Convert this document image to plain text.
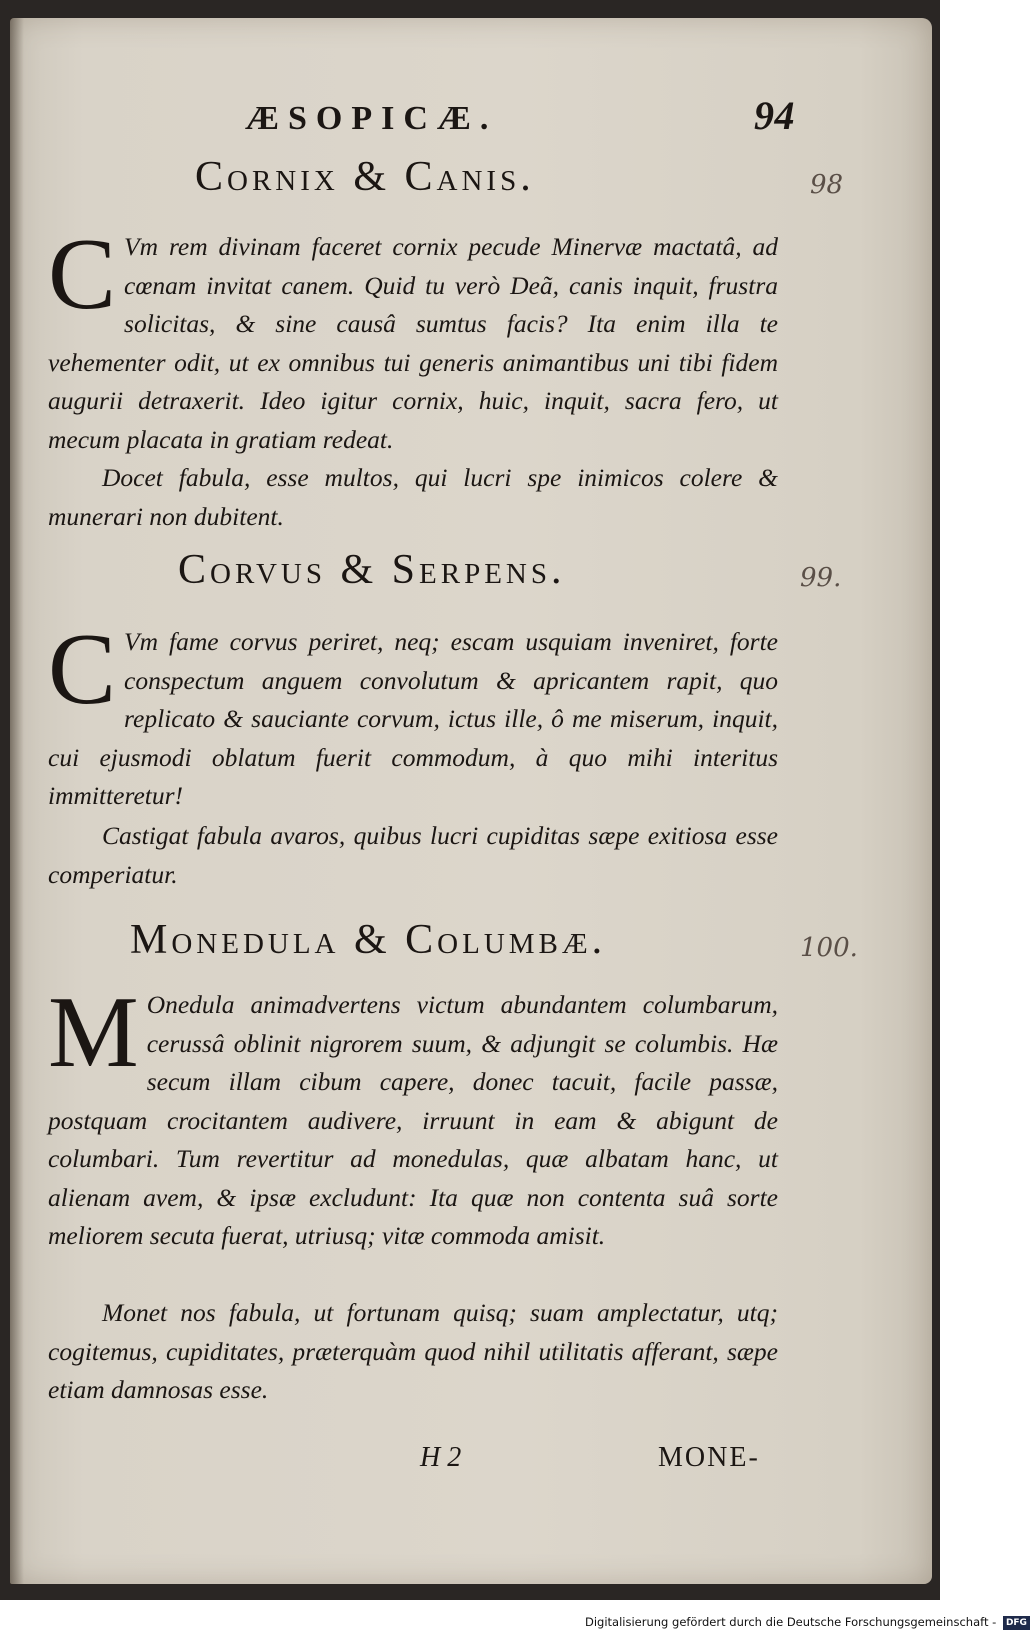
ÆSOPICÆ.	94
Cornix & Canis.	98
C Vm rem divinam faceret cornix pecude Minervæ mactatâ, ad cœnam invitat canem. Quid tu verò Deã, canis inquit, frustra solicitas, & sine causâ sumtus facis? Ita enim illa te vehementer odit, ut ex omnibus tui generis animantibus uni tibi fidem augurii detraxerit. Ideo igitur cornix, huic, inquit, sacra fero, ut mecum placata in gratiam redeat.
Docet fabula, esse multos, qui lucri spe inimicos colere & munerari non dubitent.
Corvus & Serpens.	99.
C Vm fame corvus periret, neq; escam usquiam inveniret, forte conspectum anguem convolutum & apricantem rapit, quo replicato & sauciante corvum, ictus ille, ô me miserum, inquit, cui ejusmodi oblatum fuerit commodum, à quo mihi interitus immitteretur!
Castigat fabula avaros, quibus lucri cupiditas sæpe exitiosa esse comperiatur.
Monedula & Columbæ.	100.
M Onedula animadvertens victum abundantem columbarum, cerussâ oblinit nigrorem suum, & adjungit se columbis. Hæ secum illam cibum capere, donec tacuit, facile passæ, postquam crocitantem audivere, irruunt in eam & abigunt de columbari. Tum revertitur ad monedulas, quæ albatam hanc, ut alienam avem, & ipsæ excludunt: Ita quæ non contenta suâ sorte meliorem secuta fuerat, utriusq; vitæ commoda amisit.
Monet nos fabula, ut fortunam quisq; suam amplectatur, utq; cogitemus, cupiditates, præterquàm quod nihil utilitatis afferant, sæpe etiam damnosas esse.
H 2	MONE-
Digitalisierung gefördert durch die Deutsche Forschungsgemeinschaft - DFG
